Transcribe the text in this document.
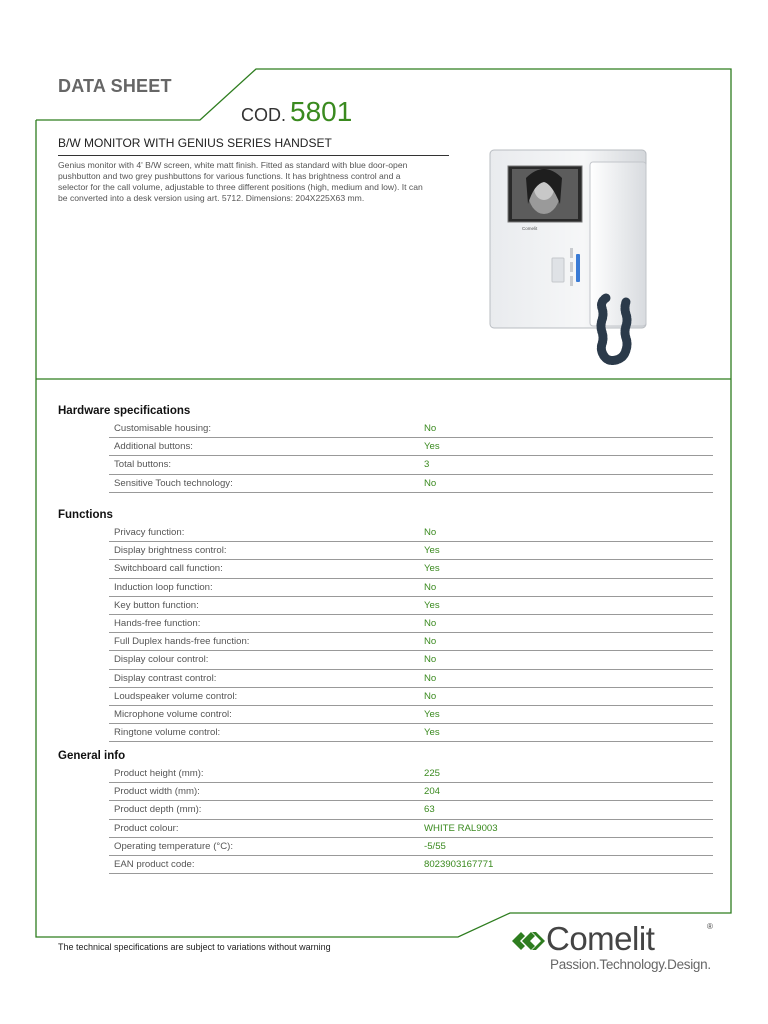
DATA SHEET
COD. 5801
B/W MONITOR WITH GENIUS SERIES HANDSET
Genius monitor with 4' B/W screen, white matt finish. Fitted as standard with blue door-open pushbutton and two grey pushbuttons for various functions. It has brightness control and a selector for the call volume, adjustable to three different positions (high, medium and low). It can be converted into a desk version using art. 5712. Dimensions: 204X225X63 mm.
Comelit
Hardware specifications
Customisable housing:	No
Additional buttons:	Yes
Total buttons:	3
Sensitive Touch technology:	No
Functions
Privacy function:	No
Display brightness control:	Yes
Switchboard call function:	Yes
Induction loop function:	No
Key button function:	Yes
Hands-free function:	No
Full Duplex hands-free function:	No
Display colour control:	No
Display contrast control:	No
Loudspeaker volume control:	No
Microphone volume control:	Yes
Ringtone volume control:	Yes
General info
Product height (mm):	225
Product width (mm):	204
Product depth (mm):	63
Product colour:	WHITE RAL9003
Operating temperature (°C):	-5/55
EAN product code:	8023903167771
The technical specifications are subject to variations without warning	Comelit	®
Passion.Technology.Design.
